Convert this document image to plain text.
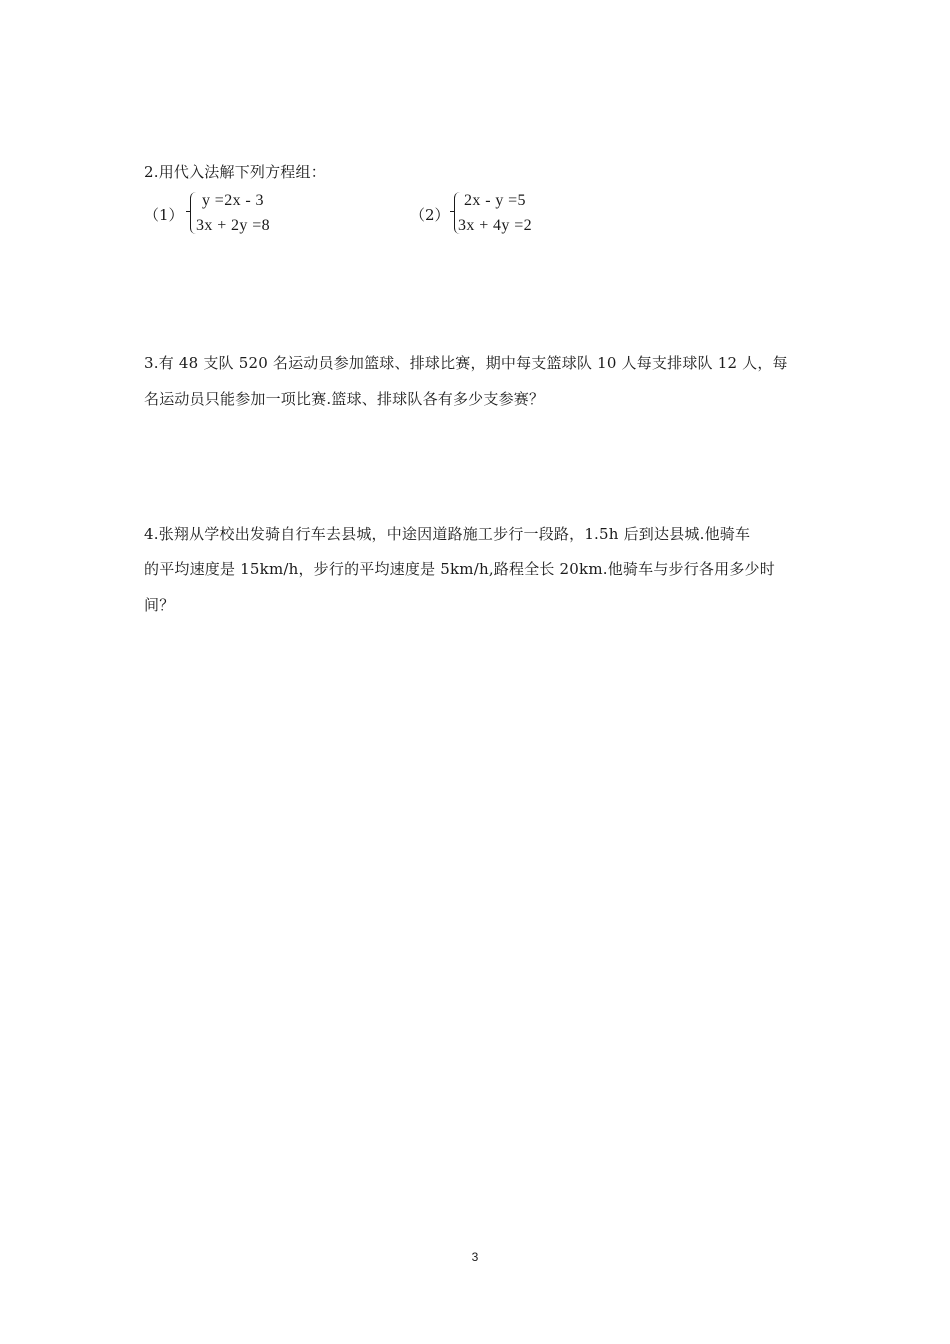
2.用代入法解下列方程组：
（1）
y =2x - 3
3x + 2y =8
（2）
2x - y =5
3x + 4y =2
3.有 48 支队 520 名运动员参加篮球、排球比赛，期中每支篮球队 10 人每支排球队 12 人，每
名运动员只能参加一项比赛.篮球、排球队各有多少支参赛？
4.张翔从学校出发骑自行车去县城，中途因道路施工步行一段路，1.5h 后到达县城.他骑车
的平均速度是 15km/h，步行的平均速度是 5km/h,路程全长 20km.他骑车与步行各用多少时
间？
3
